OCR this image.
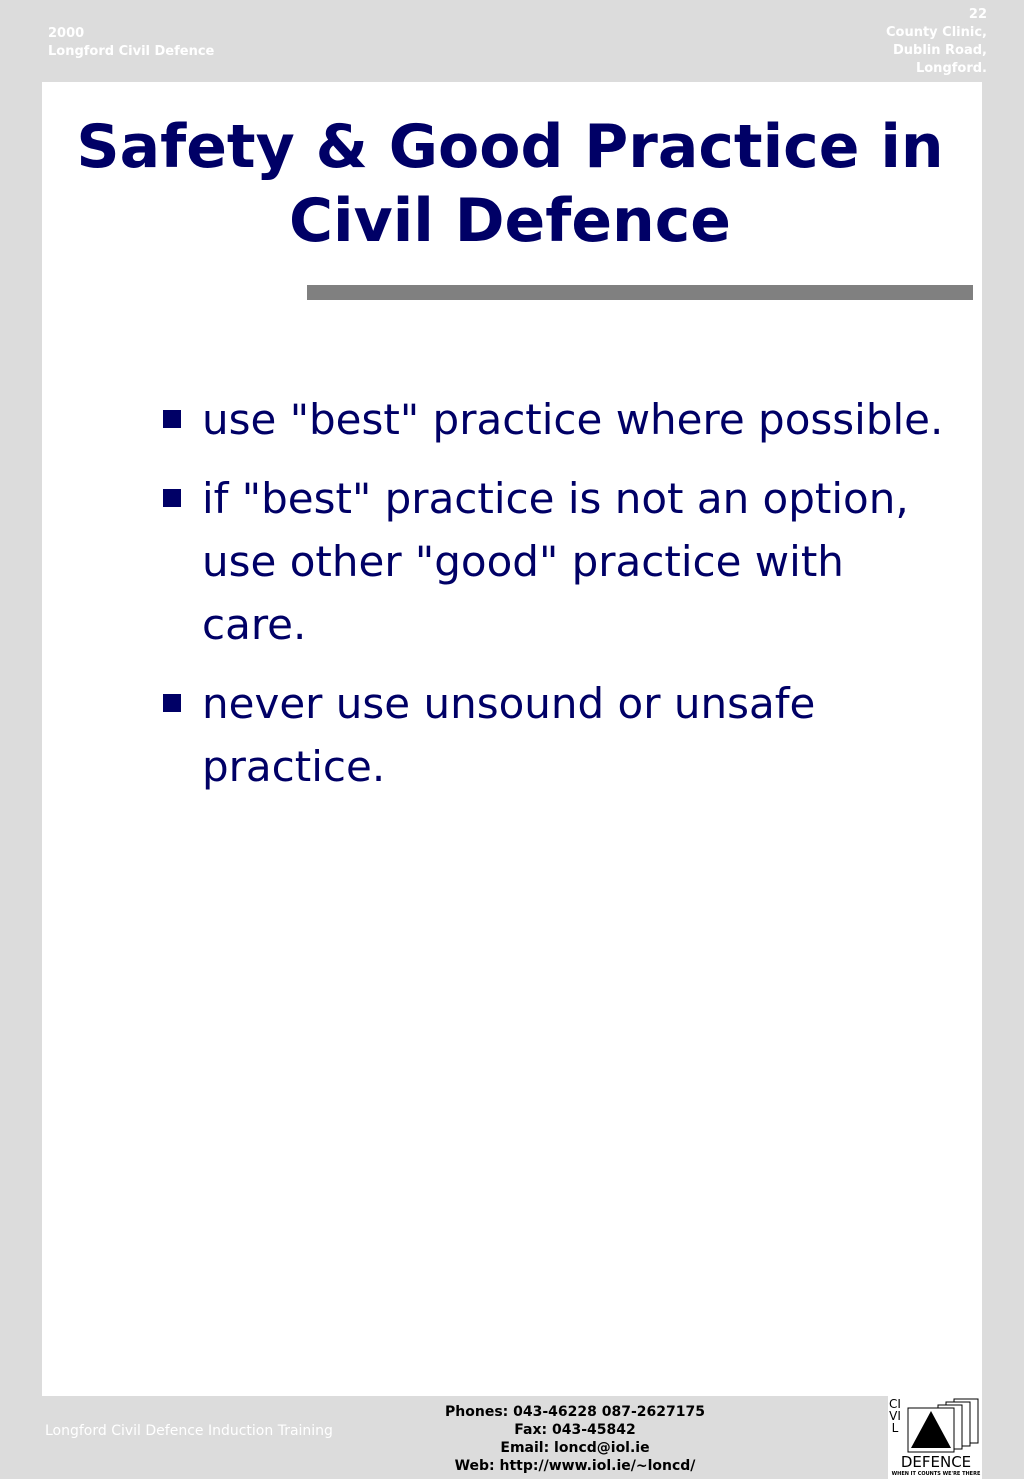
2000
Longford Civil Defence
22
County Clinic,
Dublin Road,
Longford.
Safety & Good Practice in
Civil Defence
use "best" practice where possible.
if "best" practice is not an option,
use other "good" practice with care.
never use unsound or unsafe
practice.
Longford Civil Defence Induction Training
Phones: 043-46228 087-2627175
Fax: 043-45842
Email: loncd@iol.ie
Web: http://www.iol.ie/~loncd/
CIVIL
DEFENCE
WHEN IT COUNTS WE'RE THERE
